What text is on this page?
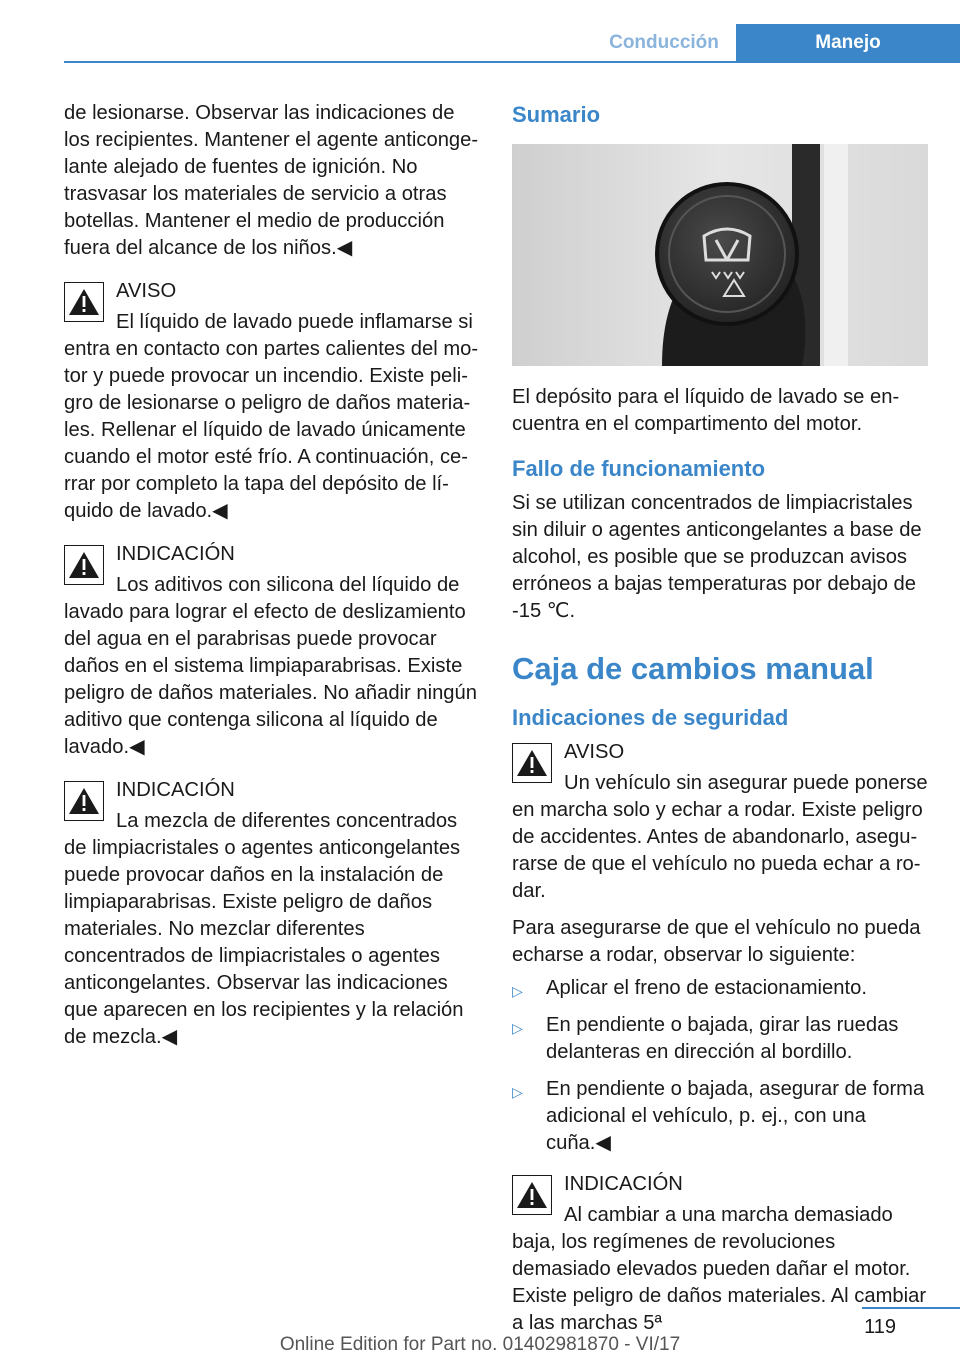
Conducción	Manejo

de lesionarse. Observar las indicaciones de los recipientes. Mantener el agente anticongelante alejado de fuentes de ignición. No trasvasar los materiales de servicio a otras botellas. Mantener el medio de producción fuera del alcance de los niños.◀

AVISO
El líquido de lavado puede inflamarse si entra en contacto con partes calientes del motor y puede provocar un incendio. Existe peligro de lesionarse o peligro de daños materiales. Rellenar el líquido de lavado únicamente cuando el motor esté frío. A continuación, cerrar por completo la tapa del depósito de líquido de lavado.◀
INDICACIÓN
Los aditivos con silicona del líquido de lavado para lograr el efecto de deslizamiento del agua en el parabrisas puede provocar daños en el sistema limpiaparabrisas. Existe peligro de daños materiales. No añadir ningún aditivo que contenga silicona al líquido de lavado.◀
INDICACIÓN
La mezcla de diferentes concentrados de limpiacristales o agentes anticongelantes puede provocar daños en la instalación de limpiaparabrisas. Existe peligro de daños materiales. No mezclar diferentes concentrados de limpiacristales o agentes anticongelantes. Observar las indicaciones que aparecen en los recipientes y la relación de mezcla.◀
Sumario

El depósito para el líquido de lavado se encuentra en el compartimento del motor.

Fallo de funcionamiento

Si se utilizan concentrados de limpiacristales sin diluir o agentes anticongelantes a base de alcohol, es posible que se produzcan avisos erróneos a bajas temperaturas por debajo de -15 ℃.

Caja de cambios manual
Indicaciones de seguridad
AVISO
Un vehículo sin asegurar puede ponerse en marcha solo y echar a rodar. Existe peligro de accidentes. Antes de abandonarlo, asegurarse de que el vehículo no pueda echar a rodar.

Para asegurarse de que el vehículo no pueda echarse a rodar, observar lo siguiente:

▷ Aplicar el freno de estacionamiento.
▷ En pendiente o bajada, girar las ruedas delanteras en dirección al bordillo.
▷ En pendiente o bajada, asegurar de forma adicional el vehículo, p. ej., con una cuña.◀
INDICACIÓN
Al cambiar a una marcha demasiado baja, los regímenes de revoluciones demasiado elevados pueden dañar el motor. Existe peligro de daños materiales. Al cambiar a las marchas 5ª	119
Online Edition for Part no. 01402981870 - VI/17
